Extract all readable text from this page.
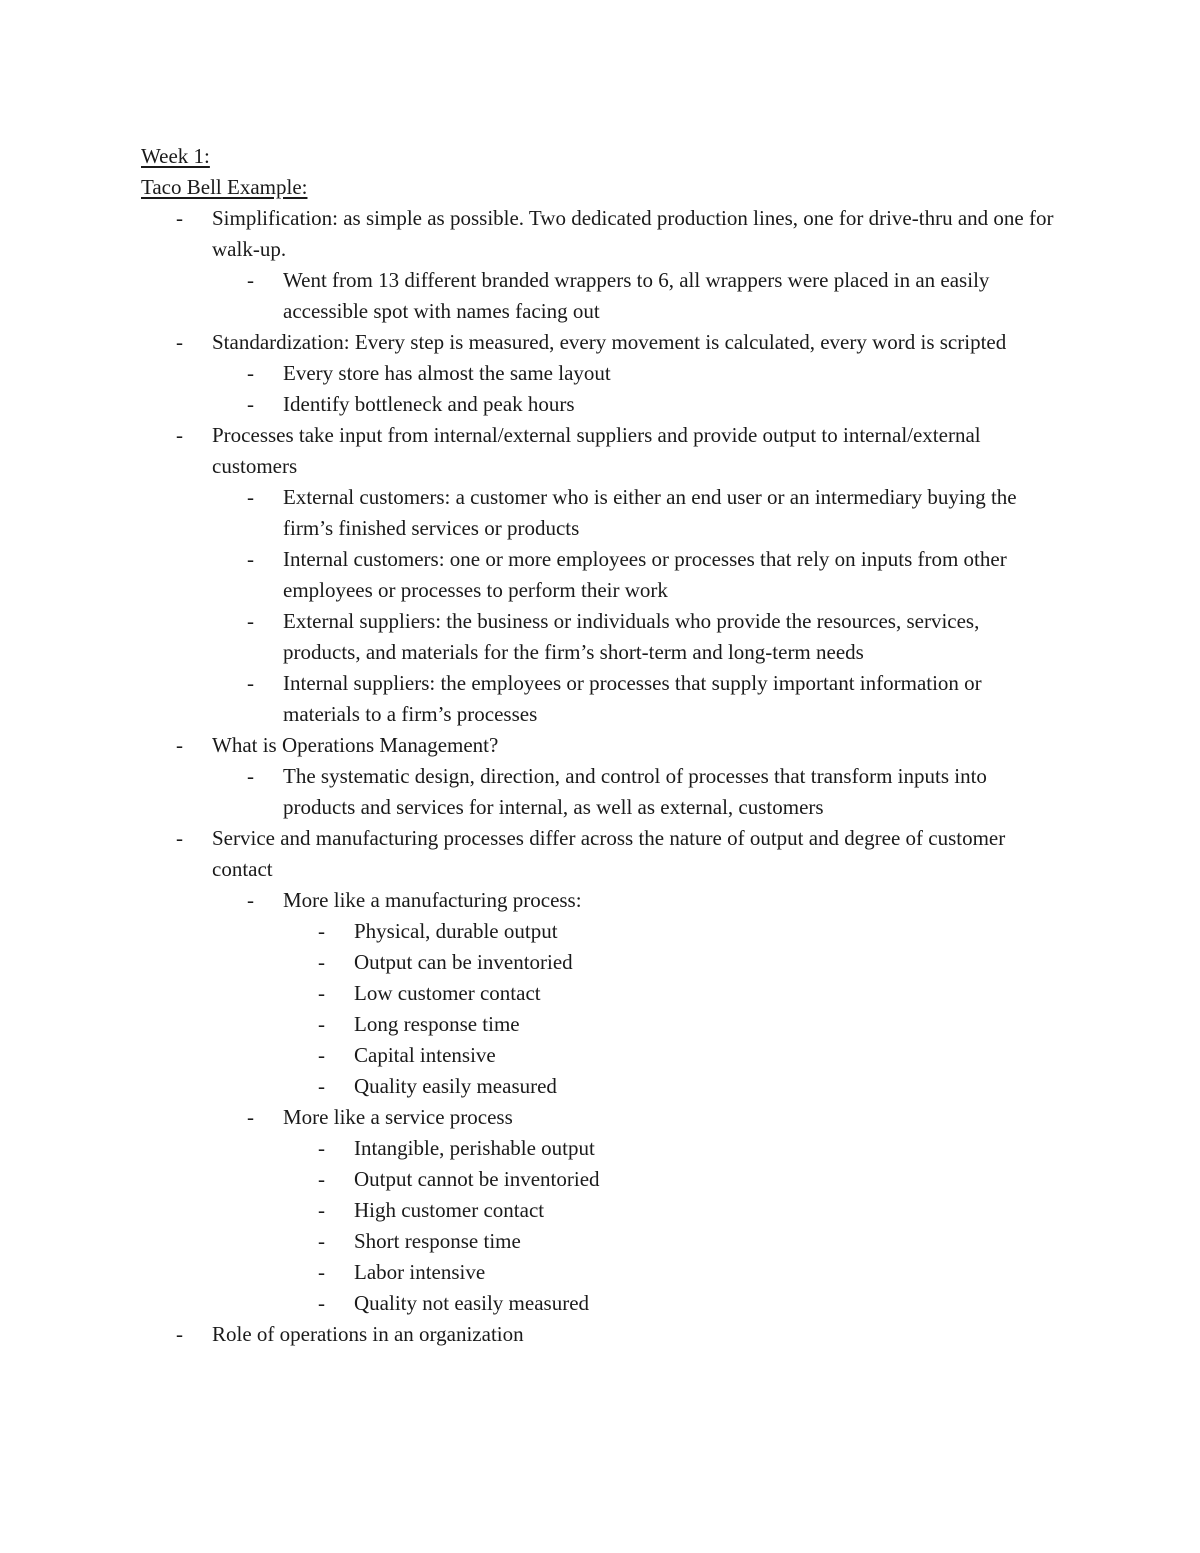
Week 1:

Taco Bell Example:

- Simplification: as simple as possible. Two dedicated production lines, one for drive-thru and one for walk-up.
- Went from 13 different branded wrappers to 6, all wrappers were placed in an easily accessible spot with names facing out
- Standardization: Every step is measured, every movement is calculated, every word is scripted
- Every store has almost the same layout
- Identify bottleneck and peak hours
- Processes take input from internal/external suppliers and provide output to internal/external customers
- External customers: a customer who is either an end user or an intermediary buying the firm’s finished services or products
- Internal customers: one or more employees or processes that rely on inputs from other employees or processes to perform their work
- External suppliers: the business or individuals who provide the resources, services, products, and materials for the firm’s short-term and long-term needs
- Internal suppliers: the employees or processes that supply important information or materials to a firm’s processes
- What is Operations Management?
- The systematic design, direction, and control of processes that transform inputs into products and services for internal, as well as external, customers
- Service and manufacturing processes differ across the nature of output and degree of customer contact
- More like a manufacturing process:
- Physical, durable output
- Output can be inventoried
- Low customer contact
- Long response time
- Capital intensive
- Quality easily measured
- More like a service process
- Intangible, perishable output
- Output cannot be inventoried
- High customer contact
- Short response time
- Labor intensive
- Quality not easily measured
- Role of operations in an organization
